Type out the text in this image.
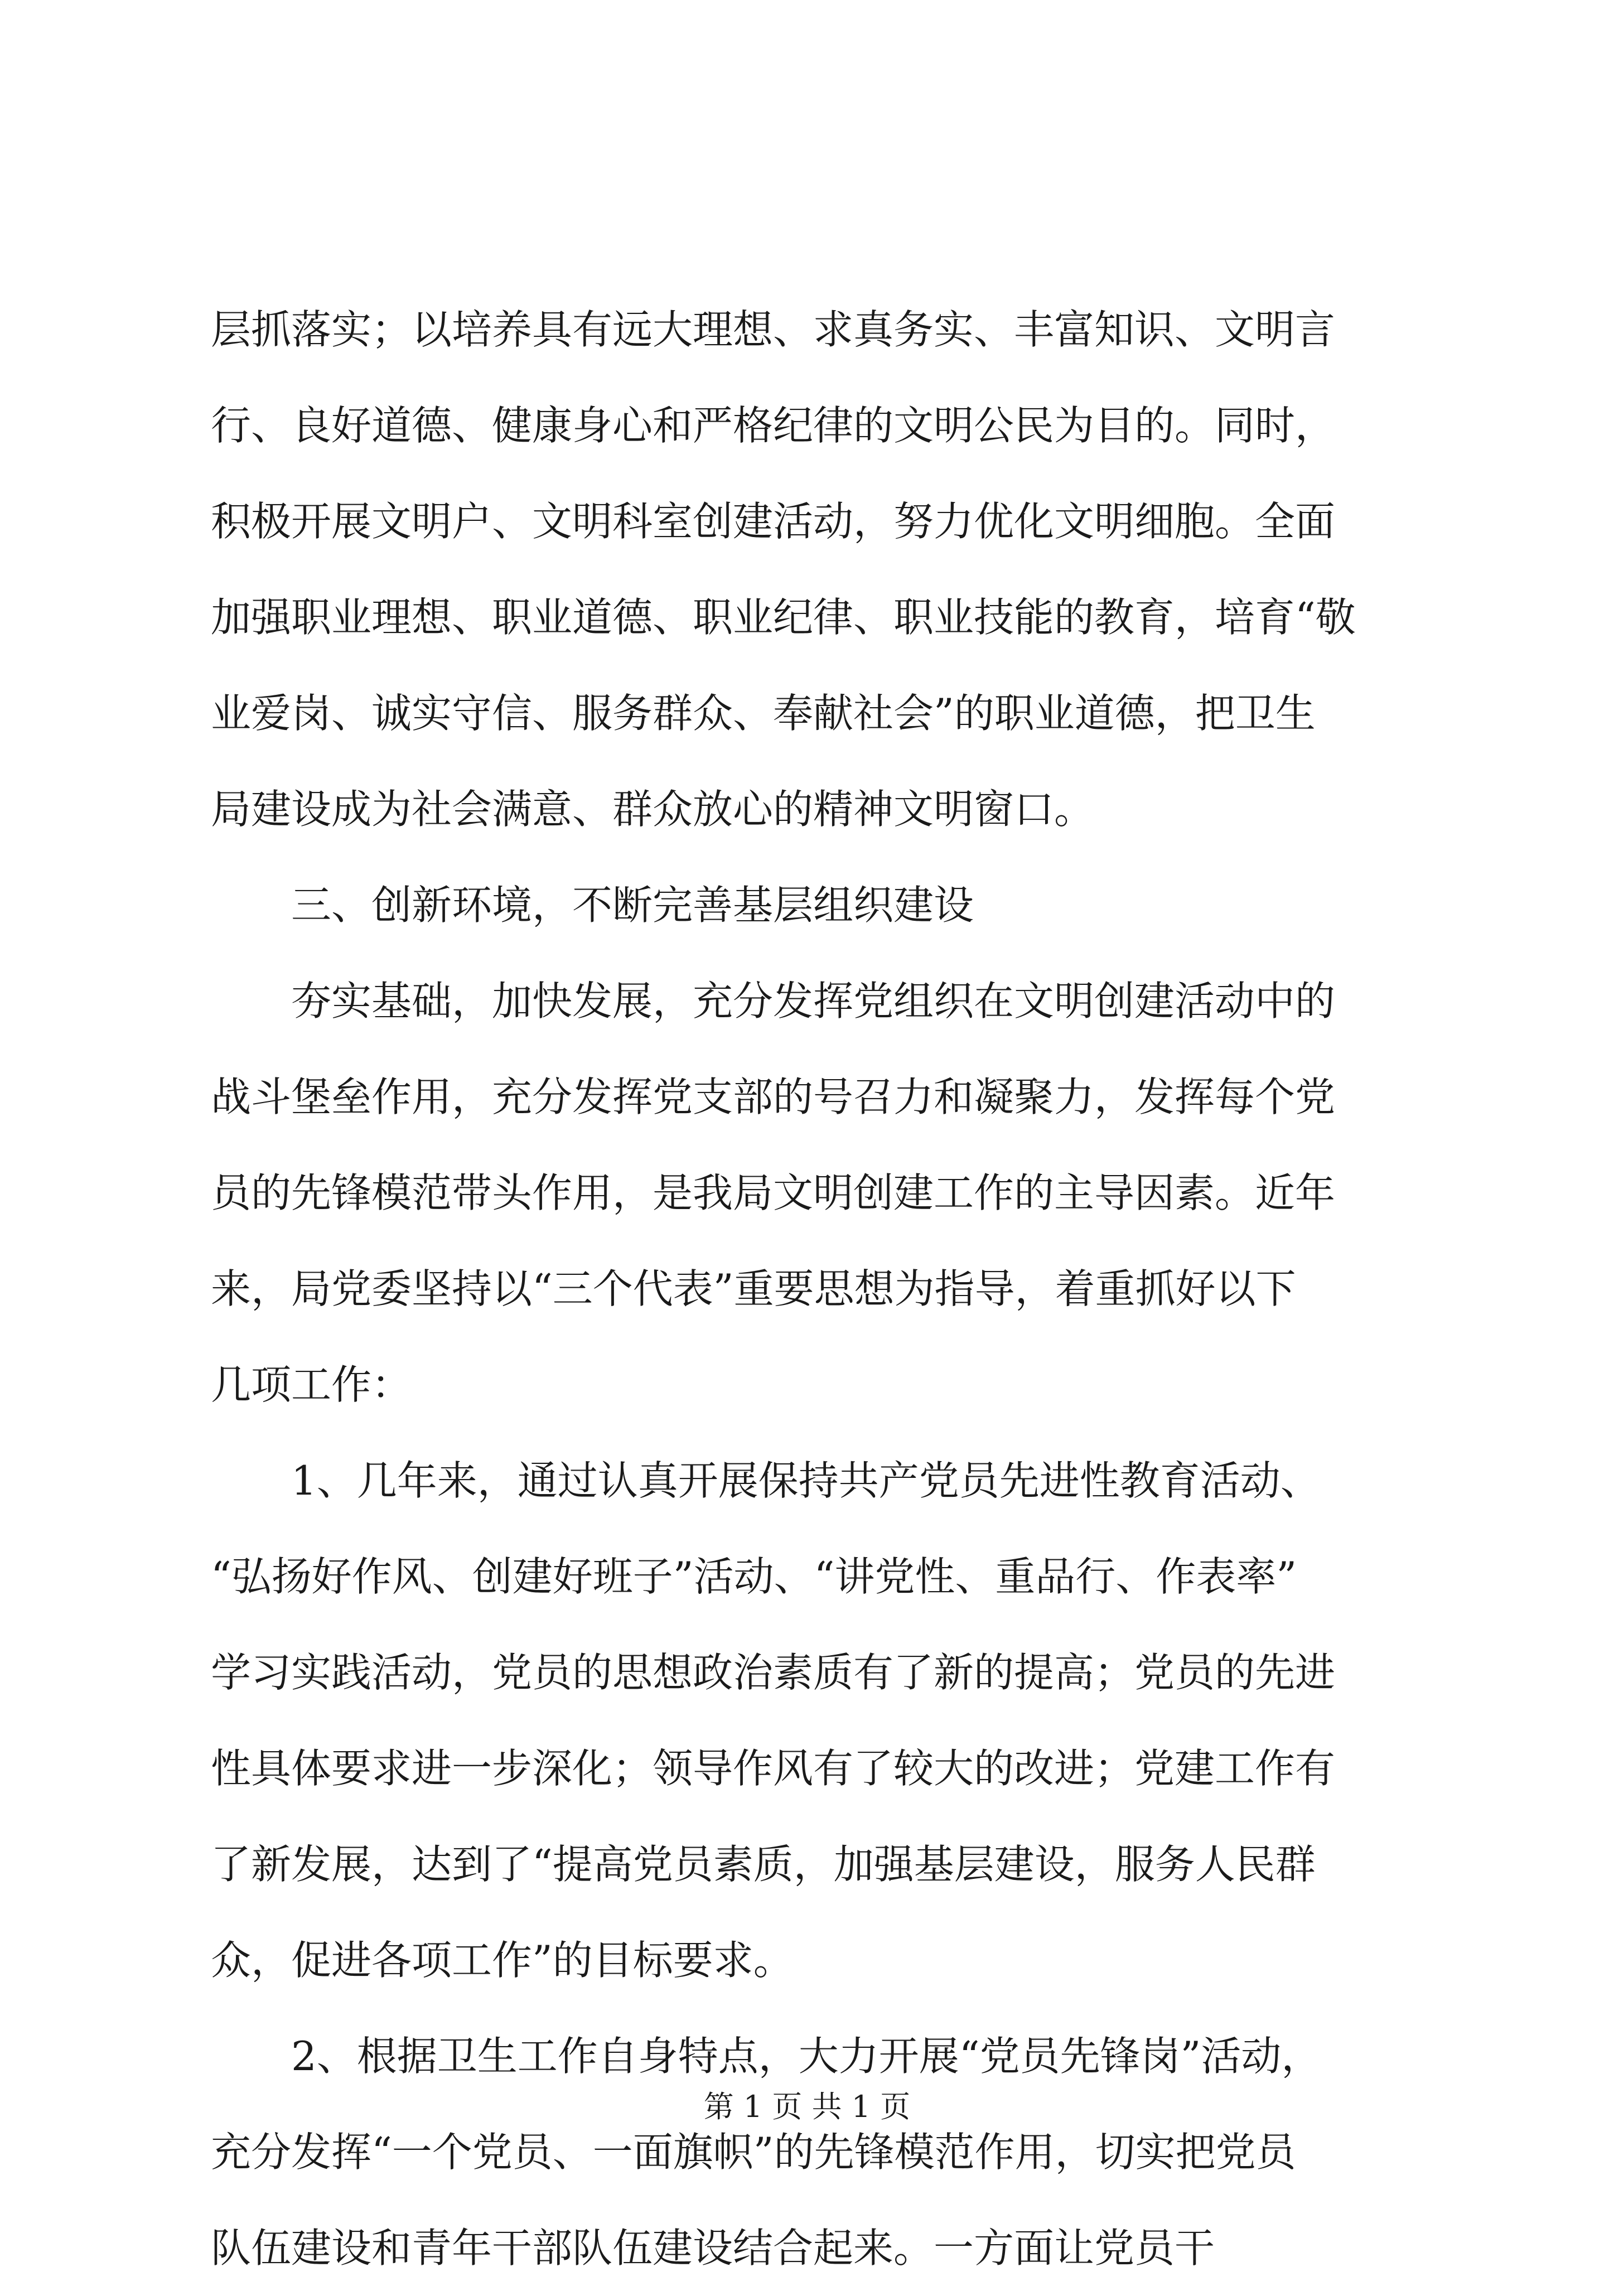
层抓落实；以培养具有远大理想、求真务实、丰富知识、文明言
行、良好道德、健康身心和严格纪律的文明公民为目的。同时，
积极开展文明户、文明科室创建活动，努力优化文明细胞。全面
加强职业理想、职业道德、职业纪律、职业技能的教育，培育“敬
业爱岗、诚实守信、服务群众、奉献社会”的职业道德，把卫生
局建设成为社会满意、群众放心的精神文明窗口。
　　三、创新环境，不断完善基层组织建设
　　夯实基础，加快发展，充分发挥党组织在文明创建活动中的
战斗堡垒作用，充分发挥党支部的号召力和凝聚力，发挥每个党
员的先锋模范带头作用，是我局文明创建工作的主导因素。近年
来，局党委坚持以“三个代表”重要思想为指导，着重抓好以下
几项工作：
　　1、几年来，通过认真开展保持共产党员先进性教育活动、
“弘扬好作风、创建好班子”活动、“讲党性、重品行、作表率”
学习实践活动，党员的思想政治素质有了新的提高；党员的先进
性具体要求进一步深化；领导作风有了较大的改进；党建工作有
了新发展，达到了“提高党员素质，加强基层建设，服务人民群
众，促进各项工作”的目标要求。
　　2、根据卫生工作自身特点，大力开展“党员先锋岗”活动，
充分发挥“一个党员、一面旗帜”的先锋模范作用，切实把党员
队伍建设和青年干部队伍建设结合起来。一方面让党员干
第 1 页 共 1 页
